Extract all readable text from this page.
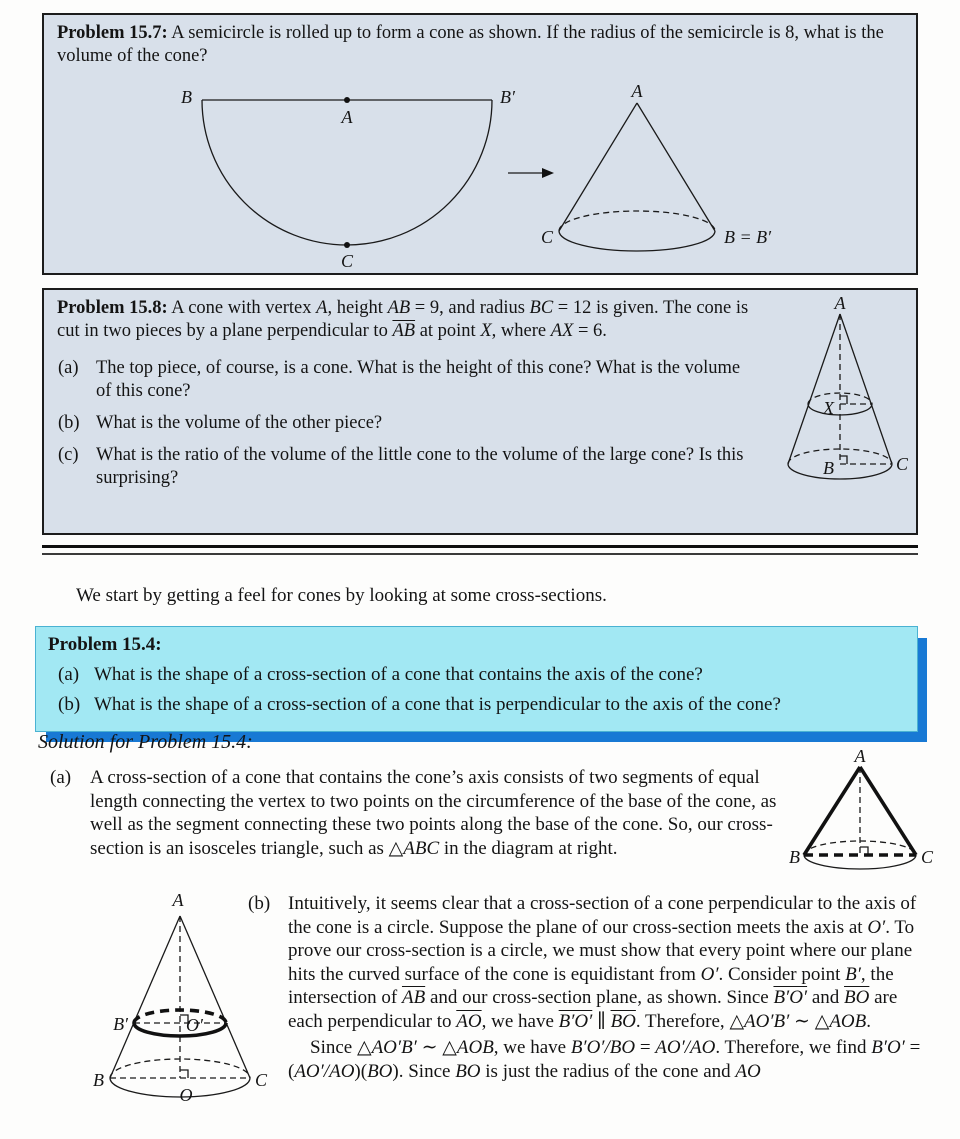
Problem 15.7: A semicircle is rolled up to form a cone as shown. If the radius of the semicircle is 8, what is the volume of the cone?
B	B′
A
C
A
C	B = B′
Problem 15.8: A cone with vertex A, height AB = 9, and radius BC = 12 is given. The cone is cut in two pieces by a plane perpendicular to $\overline{AB}$ at point X, where AX = 6.
(a) The top piece, of course, is a cone. What is the height of this cone? What is the volume of this cone?
(b) What is the volume of the other piece?
(c) What is the ratio of the volume of the little cone to the volume of the large cone? Is this surprising?
A
X
B	C
We start by getting a feel for cones by looking at some cross-sections.
Problem 15.4:
(a) What is the shape of a cross-section of a cone that contains the axis of the cone?
(b) What is the shape of a cross-section of a cone that is perpendicular to the axis of the cone?
Solution for Problem 15.4:
(a) A cross-section of a cone that contains the cone’s axis consists of two segments of equal length connecting the vertex to two points on the circumference of the base of the cone, as well as the segment connecting these two points along the base of the cone. So, our cross-section is an isosceles triangle, such as △ABC in the diagram at right.
A
B	C
A
B′	O′
B
O
C
(b) Intuitively, it seems clear that a cross-section of a cone perpendicular to the axis of the cone is a circle. Suppose the plane of our cross-section meets the axis at O′. To prove our cross-section is a circle, we must show that every point where our plane hits the curved surface of the cone is equidistant from O′. Consider point B′, the intersection of $\overline{AB}$ and our cross-section plane, as shown. Since B′O′ and $\overline{BO}$ are each perpendicular to $\overline{AO}$, we have B′O′ ∥ $\overline{BO}$. Therefore, △AO′B′ ∼ △AOB.
Since △AO′B′ ∼ △AOB, we have B′O′/BO = AO′/AO. Therefore, we find B′O′ = (AO′/AO)(BO). Since BO is just the radius of the cone and AO
